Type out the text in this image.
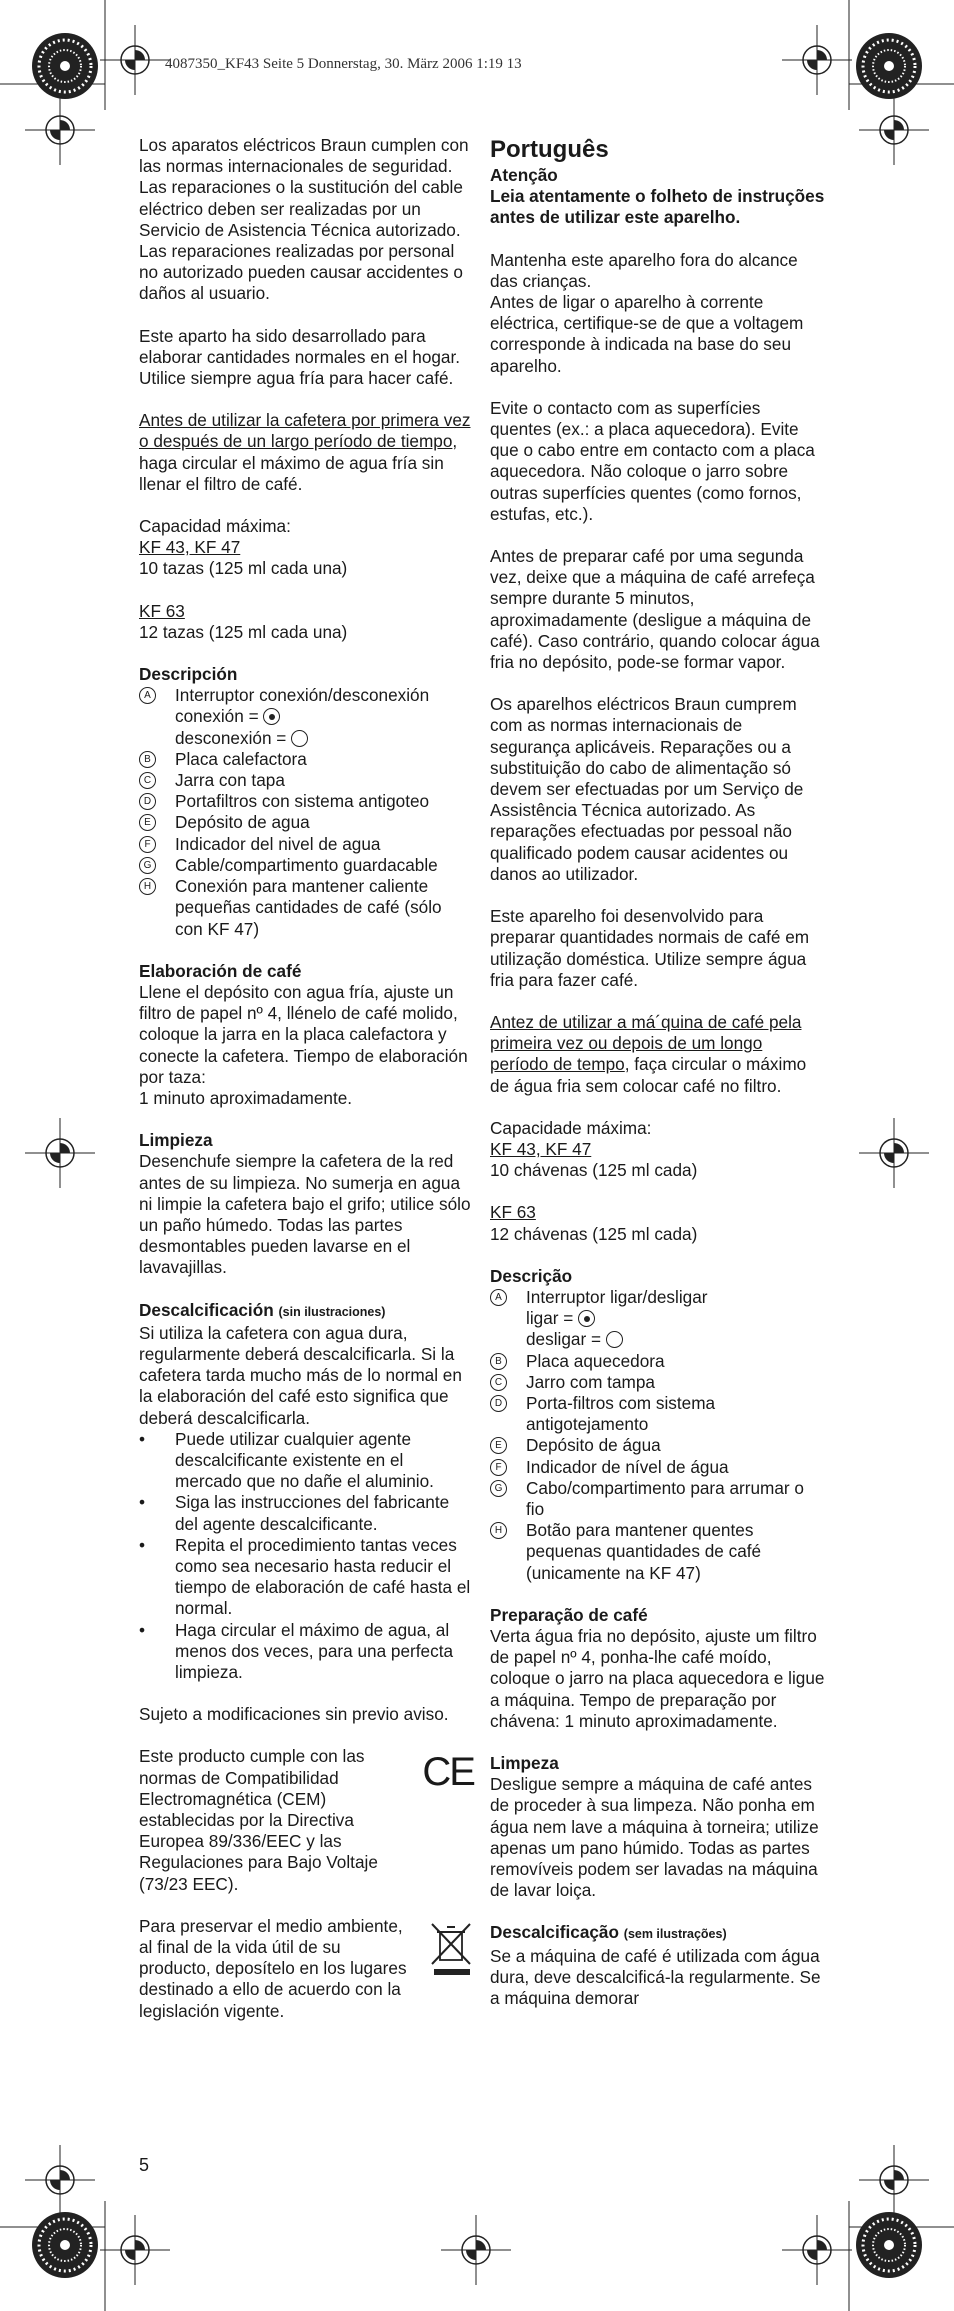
4087350_KF43 Seite 5 Donnerstag, 30. März 2006 1:19 13

Los aparatos eléctricos Braun cumplen con las normas internacionales de seguridad. Las reparaciones o la sustitución del cable eléctrico deben ser realizadas por un Servicio de Asistencia Técnica autorizado. Las reparaciones realizadas por personal no autorizado pueden causar accidentes o daños al usuario.

Este aparto ha sido desarrollado para elaborar cantidades normales en el hogar. Utilice siempre agua fría para hacer café.

Antes de utilizar la cafetera por primera vez o después de un largo período de tiempo, haga circular el máximo de agua fría sin llenar el filtro de café.

Capacidad máxima:

KF 43, KF 47

10 tazas (125 ml cada una)

KF 63

12 tazas (125 ml cada una)

Descripción

A	Interruptor conexión/desconexión
conexión =
desconexión =
B	Placa calefactora
C Jarra con tapa
D Portafiltros con sistema antigoteo
E	Depósito de agua
F	Indicador del nivel de agua
G Cable/compartimento guardacable
H Conexión para mantener caliente pequeñas cantidades de café (sólo con KF 47)

Elaboración de café

Llene el depósito con agua fría, ajuste un filtro de papel nº 4, llénelo de café molido, coloque la jarra en la placa calefactora y conecte la cafetera. Tiempo de elaboración por taza:

1 minuto aproximadamente.

Limpieza

Desenchufe siempre la cafetera de la red antes de su limpieza. No sumerja en agua ni limpie la cafetera bajo el grifo; utilice sólo un paño húmedo. Todas las partes desmontables pueden lavarse en el lavavajillas.

Descalcificación (sin ilustraciones)

Si utiliza la cafetera con agua dura, regularmente deberá descalcificarla. Si la cafetera tarda mucho más de lo normal en la elaboración del café esto significa que deberá descalcificarla.

• Puede utilizar cualquier agente descalcificante existente en el mercado que no dañe el aluminio.
• Siga las instrucciones del fabricante del agente descalcificante.
• Repita el procedimiento tantas veces como sea necesario hasta reducir el tiempo de elaboración de café hasta el normal.
• Haga circular el máximo de agua, al menos dos veces, para una perfecta limpieza.

Sujeto a modificaciones sin previo aviso.

Este producto cumple con las normas de Compatibilidad Electromagnética (CEM) establecidas por la Directiva Europea 89/336/EEC y las Regulaciones para Bajo Voltaje (73/23 EEC).

CE

Para preservar el medio ambiente, al final de la vida útil de su producto, deposítelo en los lugares destinado a ello de acuerdo con la legislación vigente.

Português

Atenção

Leia atentamente o folheto de instruções antes de utilizar este aparelho.

Mantenha este aparelho fora do alcance das crianças.

Antes de ligar o aparelho à corrente eléctrica, certifique-se de que a voltagem corresponde à indicada na base do seu aparelho.

Evite o contacto com as superfícies quentes (ex.: a placa aquecedora). Evite que o cabo entre em contacto com a placa aquecedora. Não coloque o jarro sobre outras superfícies quentes (como fornos, estufas, etc.).

Antes de preparar café por uma segunda vez, deixe que a máquina de café arrefeça sempre durante 5 minutos, aproximadamente (desligue a máquina de café). Caso contrário, quando colocar água fria no depósito, pode-se formar vapor.

Os aparelhos eléctricos Braun cumprem com as normas internacionais de segurança aplicáveis. Reparações ou a substituição do cabo de alimentação só devem ser efectuadas por um Serviço de Assistência Técnica autorizado. As reparações efectuadas por pessoal não qualificado podem causar acidentes ou danos ao utilizador.

Este aparelho foi desenvolvido para preparar quantidades normais de café em utilização doméstica. Utilize sempre água fria para fazer café.

Antez de utilizar a má´quina de café pela primeira vez ou depois de um longo período de tempo, faça circular o máximo de água fria sem colocar café no filtro.

Capacidade máxima:

KF 43, KF 47

10 chávenas (125 ml cada)

KF 63

12 chávenas (125 ml cada)

Descrição

A	Interruptor ligar/desligar
ligar =
desligar =
B	Placa aquecedora
C Jarro com tampa
D Porta-filtros com sistema antigotejamento
E	Depósito de água
F	Indicador de nível de água
G Cabo/compartimento para arrumar o fio
H Botão para mantener quentes pequenas quantidades de café (unicamente na KF 47)

Preparação de café

Verta água fria no depósito, ajuste um filtro de papel nº 4, ponha-lhe café moído, coloque o jarro na placa aquecedora e ligue a máquina. Tempo de preparação por chávena: 1 minuto aproximadamente.

Limpeza

Desligue sempre a máquina de café antes de proceder à sua limpeza. Não ponha em água nem lave a máquina à torneira; utilize apenas um pano húmido. Todas as partes removíveis podem ser lavadas na máquina de lavar loiça.

Descalcificação (sem ilustrações)

Se a máquina de café é utilizada com água dura, deve descalcificá-la regularmente. Se a máquina demorar

5
